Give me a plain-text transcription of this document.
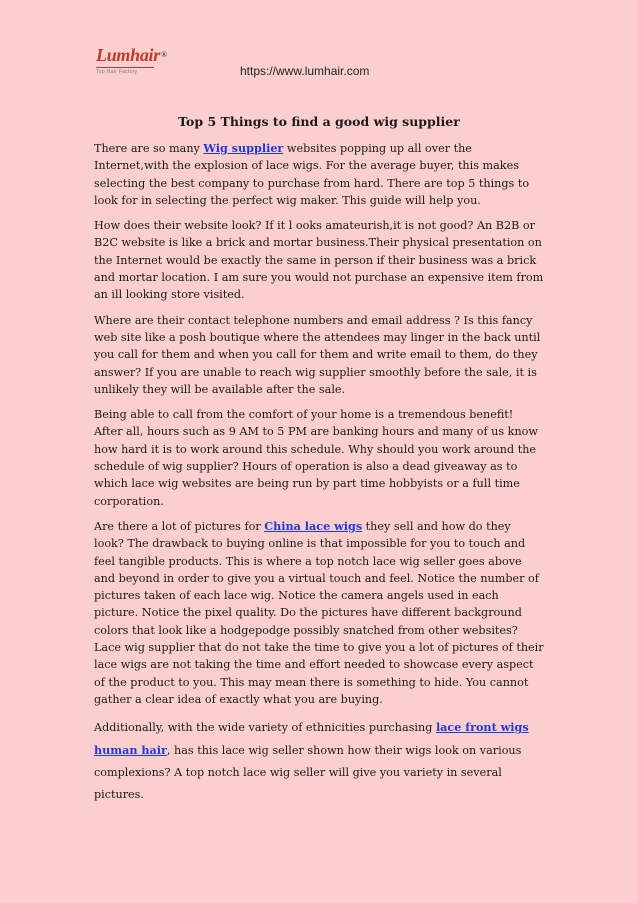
Lumhair®
Top Hair Factory	https://www.lumhair.com
Top 5 Things to find a good wig supplier

There are so many Wig supplier websites popping up all over the Internet,with the explosion of lace wigs. For the average buyer, this makes selecting the best company to purchase from hard. There are top 5 things to look for in selecting the perfect wig maker. This guide will help you.

How does their website look? If it l ooks amateurish,it is not good? An B2B or B2C website is like a brick and mortar business.Their physical presentation on the Internet would be exactly the same in person if their business was a brick and mortar location. I am sure you would not purchase an expensive item from an ill looking store visited.

Where are their contact telephone numbers and email address ? Is this fancy web site like a posh boutique where the attendees may linger in the back until you call for them and when you call for them and write email to them, do they answer? If you are unable to reach wig supplier smoothly before the sale, it is unlikely they will be available after the sale.

Being able to call from the comfort of your home is a tremendous benefit! After all, hours such as 9 AM to 5 PM are banking hours and many of us know how hard it is to work around this schedule. Why should you work around the schedule of wig supplier? Hours of operation is also a dead giveaway as to which lace wig websites are being run by part time hobbyists or a full time corporation.

Are there a lot of pictures for China lace wigs they sell and how do they look? The drawback to buying online is that impossible for you to touch and feel tangible products. This is where a top notch lace wig seller goes above and beyond in order to give you a virtual touch and feel. Notice the number of pictures taken of each lace wig. Notice the camera angels used in each picture. Notice the pixel quality. Do the pictures have different background colors that look like a hodgepodge possibly snatched from other websites? Lace wig supplier that do not take the time to give you a lot of pictures of their lace wigs are not taking the time and effort needed to showcase every aspect of the product to you. This may mean there is something to hide. You cannot gather a clear idea of exactly what you are buying.

Additionally, with the wide variety of ethnicities purchasing lace front wigs human hair, has this lace wig seller shown how their wigs look on various complexions? A top notch lace wig seller will give you variety in several pictures.
